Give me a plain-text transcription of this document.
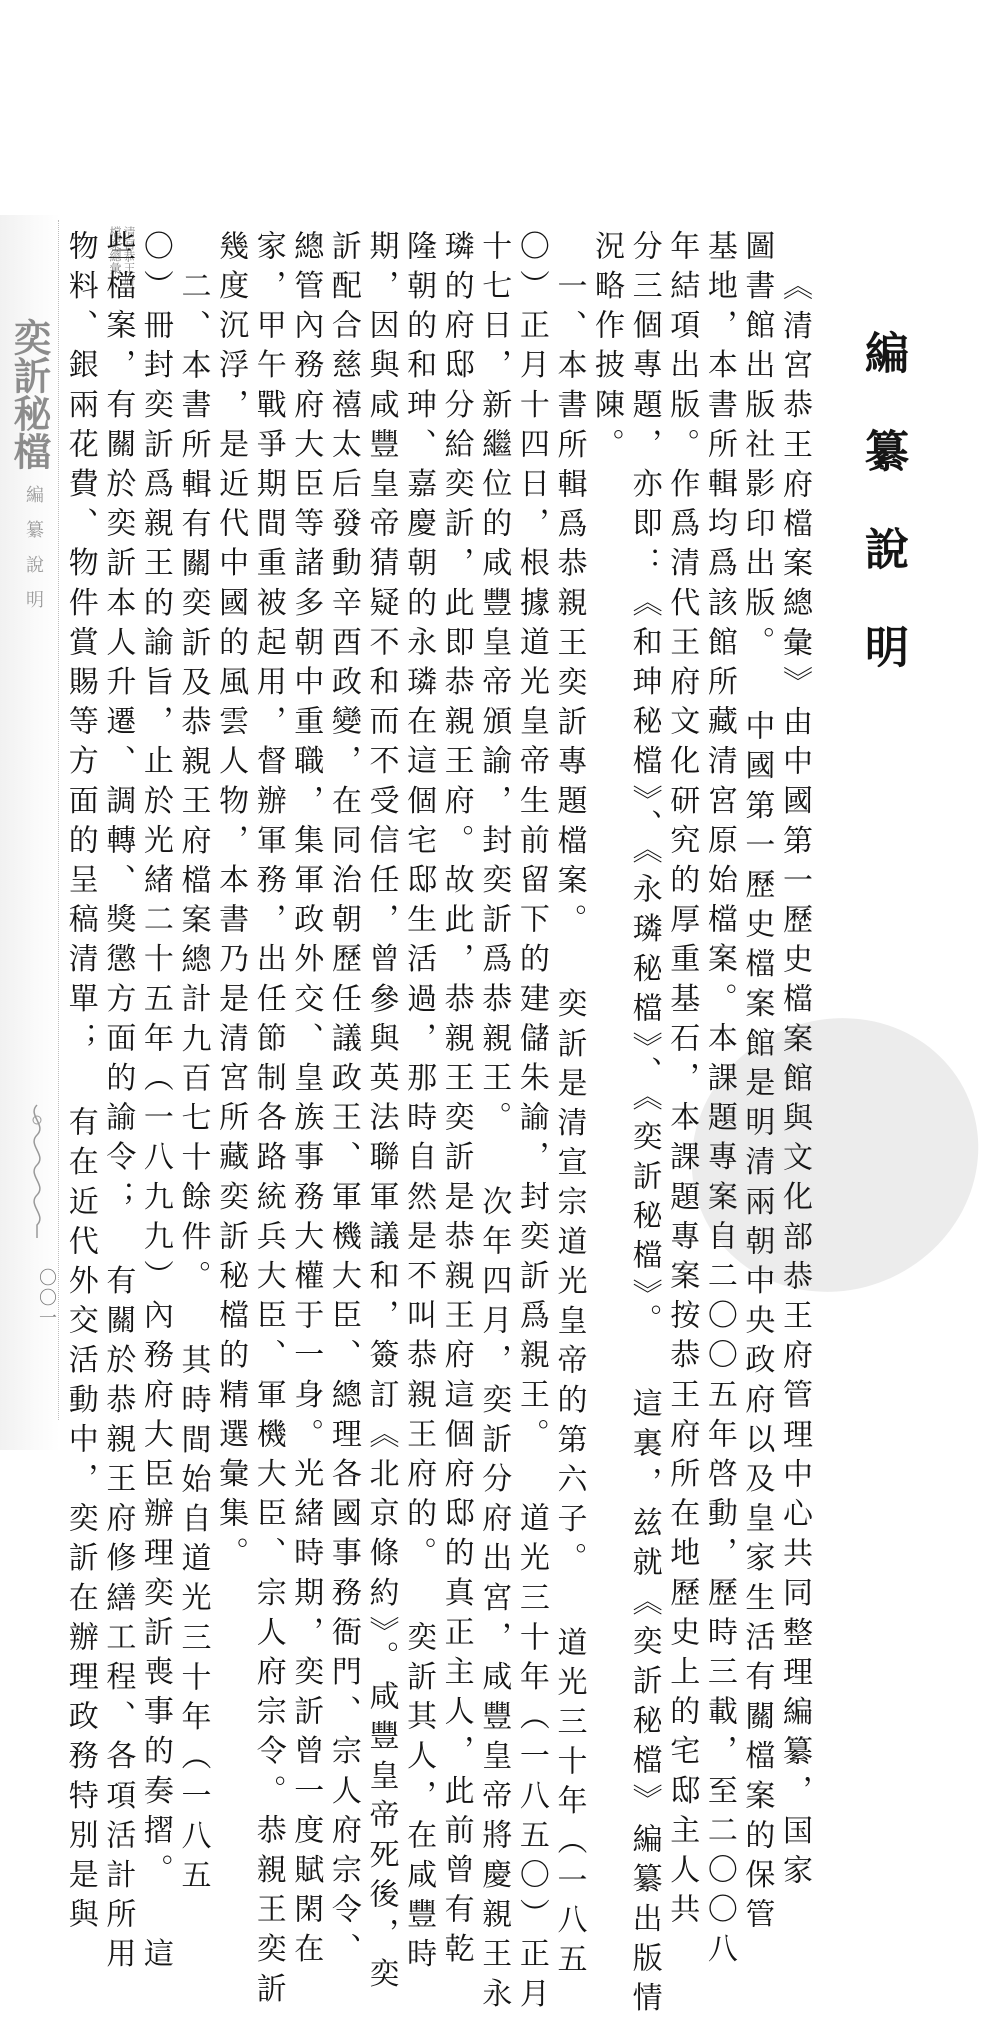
清宮恭王府
檔案總彙
奕訢秘檔
編纂說明
〇〇一
編纂說明
《清宮恭王府檔案總彙》由中國第一歷史檔案館與文化部恭王府管理中心共同整理編纂，国家
圖書館出版社影印出版。 中國第一歷史檔案館是明清兩朝中央政府以及皇家生活有關檔案的保管
基地，本書所輯均爲該館所藏清宮原始檔案。本課題專案自二〇〇五年啓動，歷時三載，至二〇〇八
年結項出版。作爲清代王府文化研究的厚重基石，本課題專案按恭王府所在地歷史上的宅邸主人共
分三個專題，亦即：《和珅秘檔》、《永璘秘檔》、《奕訢秘檔》。 這裏，兹就《奕訢秘檔》編纂出版情
況略作披陳。
一、本書所輯爲恭親王奕訢專題檔案。 奕訢是清宣宗道光皇帝的第六子。 道光三十年（一八五
〇）正月十四日，根據道光皇帝生前留下的建儲朱諭，封奕訢爲親王。 道光三十年（一八五〇）正月
十七日，新繼位的咸豐皇帝頒諭，封奕訢爲恭親王。 次年四月，奕訢分府出宮，咸豐皇帝將慶親王永
璘的府邸分給奕訢，此即恭親王府。故此，恭親王奕訢是恭親王府這個府邸的真正主人，此前曾有乾
隆朝的和珅、嘉慶朝的永璘在這個宅邸生活過，那時自然是不叫恭親王府的。 奕訢其人，在咸豐時
期，因與咸豐皇帝猜疑不和而不受信任，曾參與英法聯軍議和，簽訂《北京條約》。咸豐皇帝死後，奕
訢配合慈禧太后發動辛酉政變，在同治朝歷任議政王、軍機大臣、總理各國事務衙門、宗人府宗令、
總管內務府大臣等諸多朝中重職，集軍政外交、皇族事務大權于一身。光緒時期，奕訢曾一度賦閑在
家，甲午戰爭期間重被起用，督辦軍務，出任節制各路統兵大臣、軍機大臣、宗人府宗令。恭親王奕訢
幾度沉浮，是近代中國的風雲人物，本書乃是清宮所藏奕訢秘檔的精選彙集。
二、本書所輯有關奕訢及恭親王府檔案總計九百七十餘件。 其時間始自道光三十年（一八五
〇）冊封奕訢爲親王的諭旨，止於光緒二十五年（一八九九）內務府大臣辦理奕訢喪事的奏摺。 這
些檔案，有關於奕訢本人升遷、調轉、獎懲方面的諭令； 有關於恭親王府修繕工程、各項活計所用
物料、銀兩花費、物件賞賜等方面的呈稿清單； 有在近代外交活動中，奕訢在辦理政務特別是與
